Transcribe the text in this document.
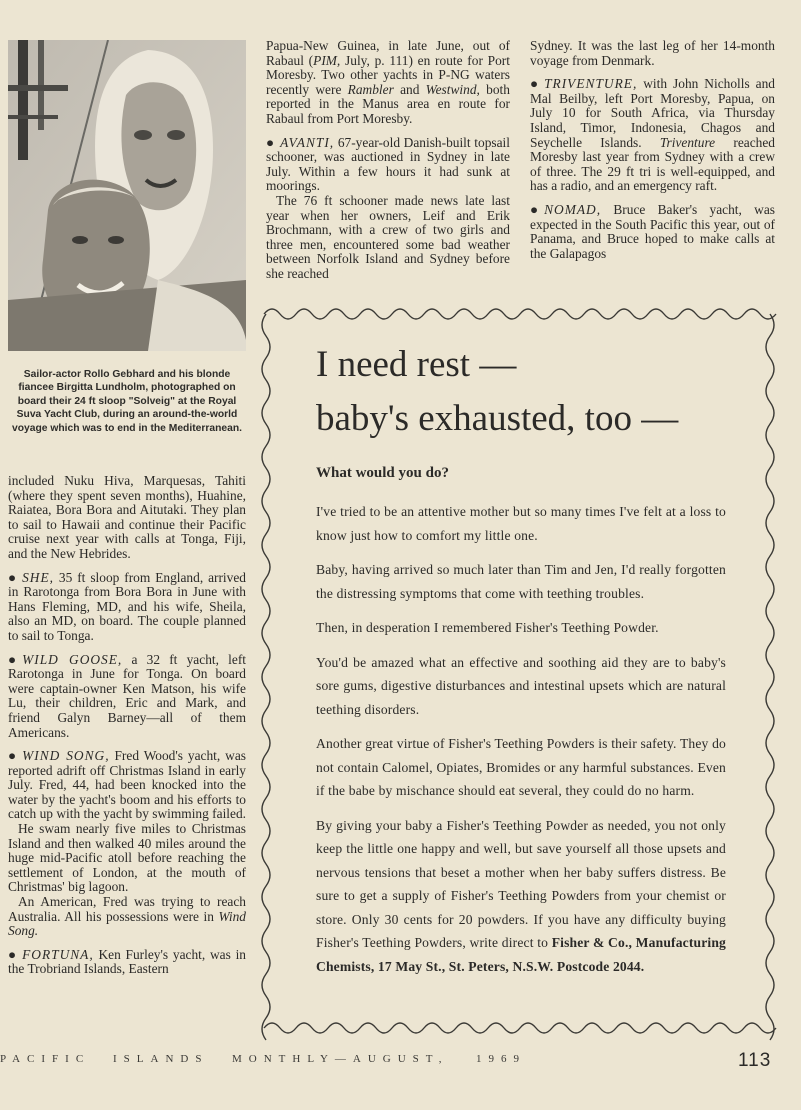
Sailor-actor Rollo Gebhard and his blonde fiancee Birgitta Lundholm, photographed on board their 24 ft sloop "Solveig" at the Royal Suva Yacht Club, during an around-the-world voyage which was to end in the Mediterranean.

included Nuku Hiva, Marquesas, Tahiti (where they spent seven months), Huahine, Raiatea, Bora Bora and Aitutaki. They plan to sail to Hawaii and continue their Pacific cruise next year with calls at Tonga, Fiji, and the New Hebrides.

● SHE, 35 ft sloop from England, arrived in Rarotonga from Bora Bora in June with Hans Fleming, MD, and his wife, Sheila, also an MD, on board. The couple planned to sail to Tonga.

● WILD GOOSE, a 32 ft yacht, left Rarotonga in June for Tonga. On board were captain-owner Ken Matson, his wife Lu, their children, Eric and Mark, and friend Galyn Barney—all of them Americans.

● WIND SONG, Fred Wood's yacht, was reported adrift off Christmas Island in early July. Fred, 44, had been knocked into the water by the yacht's boom and his efforts to catch up with the yacht by swimming failed.

He swam nearly five miles to Christmas Island and then walked 40 miles around the huge mid-Pacific atoll before reaching the settlement of London, at the mouth of Christmas' big lagoon.

An American, Fred was trying to reach Australia. All his possessions were in Wind Song.

● FORTUNA, Ken Furley's yacht, was in the Trobriand Islands, Eastern

Papua-New Guinea, in late June, out of Rabaul (PIM, July, p. 111) en route for Port Moresby. Two other yachts in P-NG waters recently were Rambler and Westwind, both reported in the Manus area en route for Rabaul from Port Moresby.

● AVANTI, 67-year-old Danish-built topsail schooner, was auctioned in Sydney in late July. Within a few hours it had sunk at moorings.

The 76 ft schooner made news late last year when her owners, Leif and Erik Brochmann, with a crew of two girls and three men, encountered some bad weather between Norfolk Island and Sydney before she reached

Sydney. It was the last leg of her 14-month voyage from Denmark.

● TRIVENTURE, with John Nicholls and Mal Beilby, left Port Moresby, Papua, on July 10 for South Africa, via Thursday Island, Timor, Indonesia, Chagos and Seychelle Islands. Triventure reached Moresby last year from Sydney with a crew of three. The 29 ft tri is well-equipped, and has a radio, and an emergency raft.

● NOMAD, Bruce Baker's yacht, was expected in the South Pacific this year, out of Panama, and Bruce hoped to make calls at the Galapagos

I need rest —
baby's exhausted, too —

What would you do?

I've tried to be an attentive mother but so many times I've felt at a loss to know just how to comfort my little one.

Baby, having arrived so much later than Tim and Jen, I'd really forgotten the distressing symptoms that come with teething troubles.

Then, in desperation I remembered Fisher's Teething Powder.

You'd be amazed what an effective and soothing aid they are to baby's sore gums, digestive disturbances and intestinal upsets which are natural teething disorders.

Another great virtue of Fisher's Teething Powders is their safety. They do not contain Calomel, Opiates, Bromides or any harmful substances. Even if the babe by mischance should eat several, they could do no harm.

By giving your baby a Fisher's Teething Powder as needed, you not only keep the little one happy and well, but save yourself all those upsets and nervous tensions that beset a mother when her baby suffers distress. Be sure to get a supply of Fisher's Teething Powders from your chemist or store. Only 30 cents for 20 powders. If you have any difficulty buying Fisher's Teething Powders, write direct to Fisher & Co., Manufacturing Chemists, 17 May St., St. Peters, N.S.W. Postcode 2044.

PACIFIC ISLANDS MONTHLY—AUGUST,	1969	113
